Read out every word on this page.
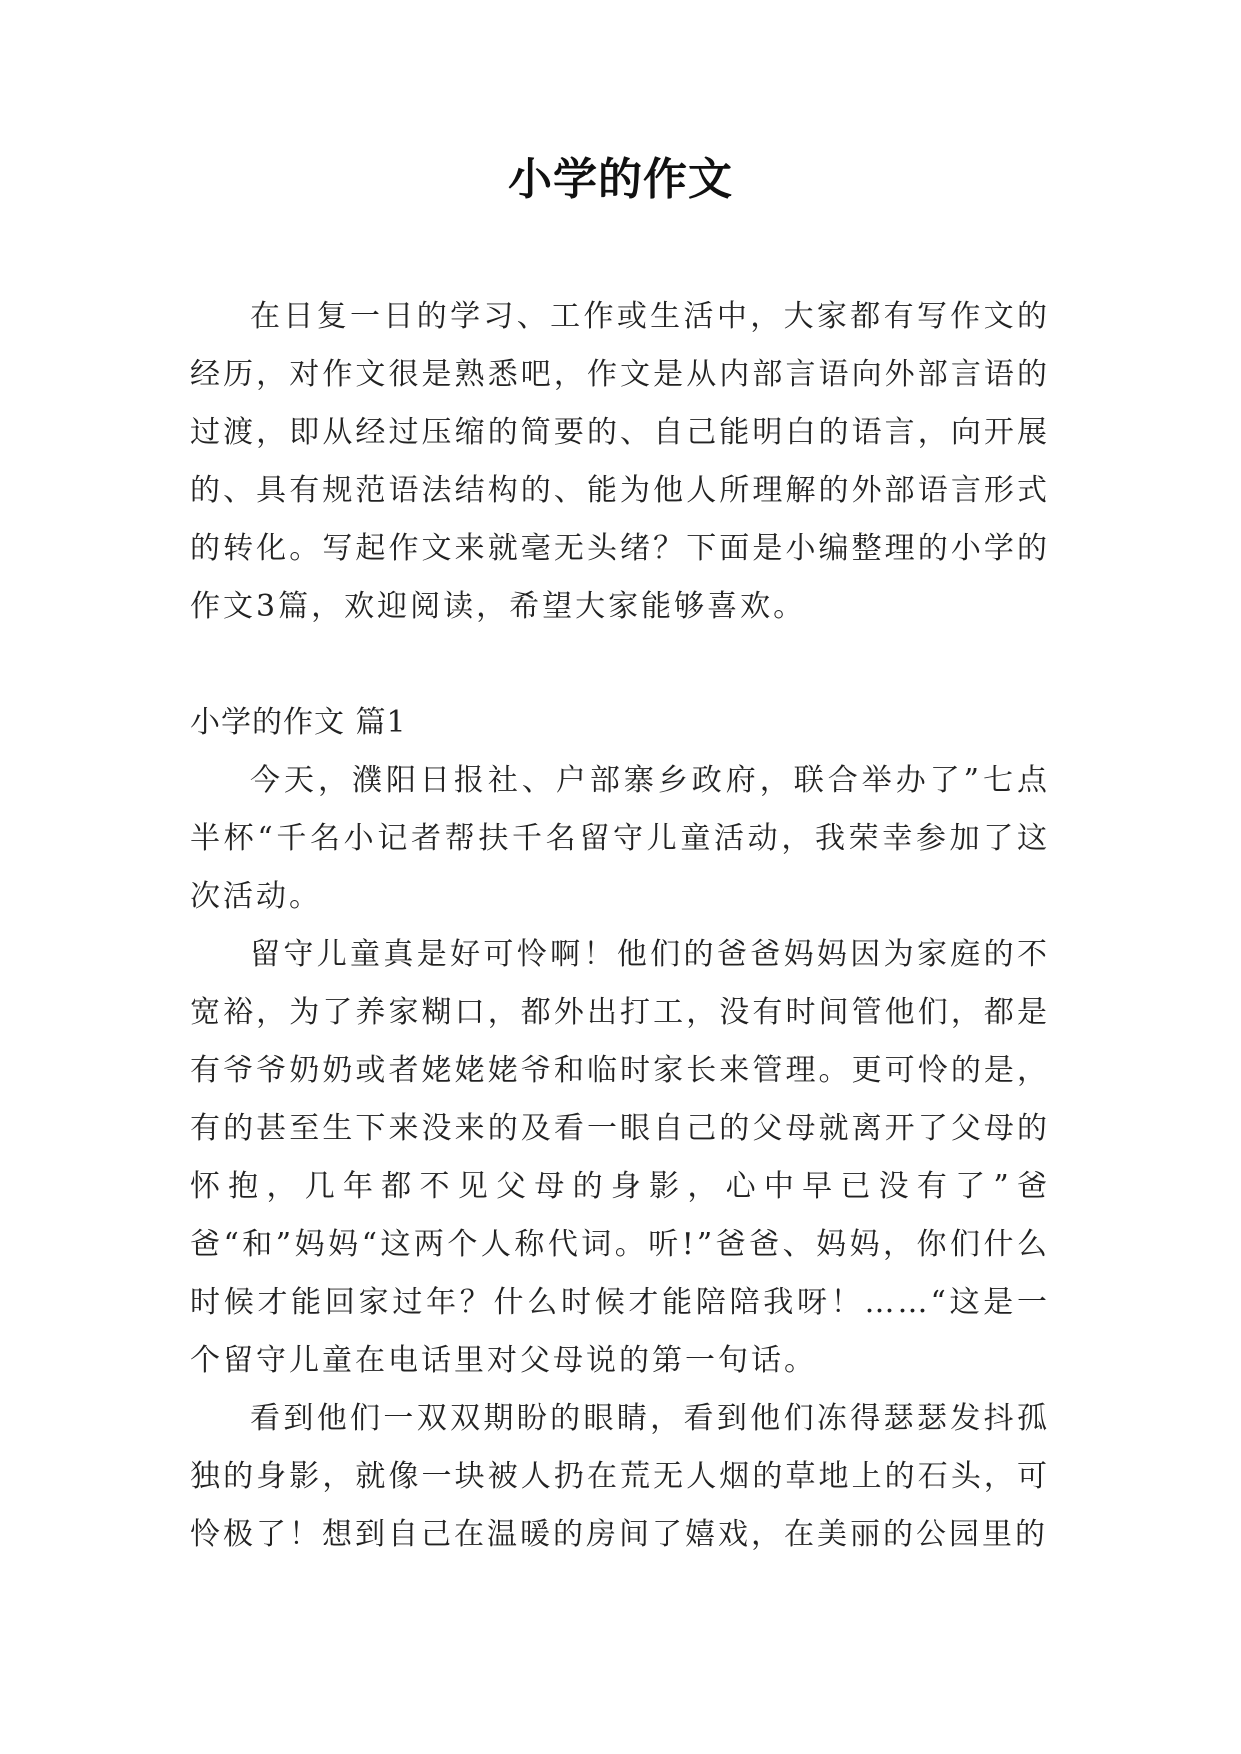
小学的作文

在日复一日的学习、工作或生活中，大家都有写作文的经历，对作文很是熟悉吧，作文是从内部言语向外部言语的过渡，即从经过压缩的简要的、自己能明白的语言，向开展的、具有规范语法结构的、能为他人所理解的外部语言形式的转化。写起作文来就毫无头绪？下面是小编整理的小学的作文3篇，欢迎阅读，希望大家能够喜欢。

小学的作文 篇1

今天，濮阳日报社、户部寨乡政府，联合举办了”七点半杯“千名小记者帮扶千名留守儿童活动，我荣幸参加了这次活动。

留守儿童真是好可怜啊！他们的爸爸妈妈因为家庭的不宽裕，为了养家糊口，都外出打工，没有时间管他们，都是有爷爷奶奶或者姥姥姥爷和临时家长来管理。更可怜的是，有的甚至生下来没来的及看一眼自己的父母就离开了父母的怀抱，几年都不见父母的身影，心中早已没有了”爸爸“和”妈妈“这两个人称代词。听!”爸爸、妈妈，你们什么时候才能回家过年？什么时候才能陪陪我呀！……“这是一个留守儿童在电话里对父母说的第一句话。

看到他们一双双期盼的眼睛，看到他们冻得瑟瑟发抖孤独的身影，就像一块被人扔在荒无人烟的草地上的石头，可怜极了！想到自己在温暖的房间了嬉戏，在美丽的公园里的
